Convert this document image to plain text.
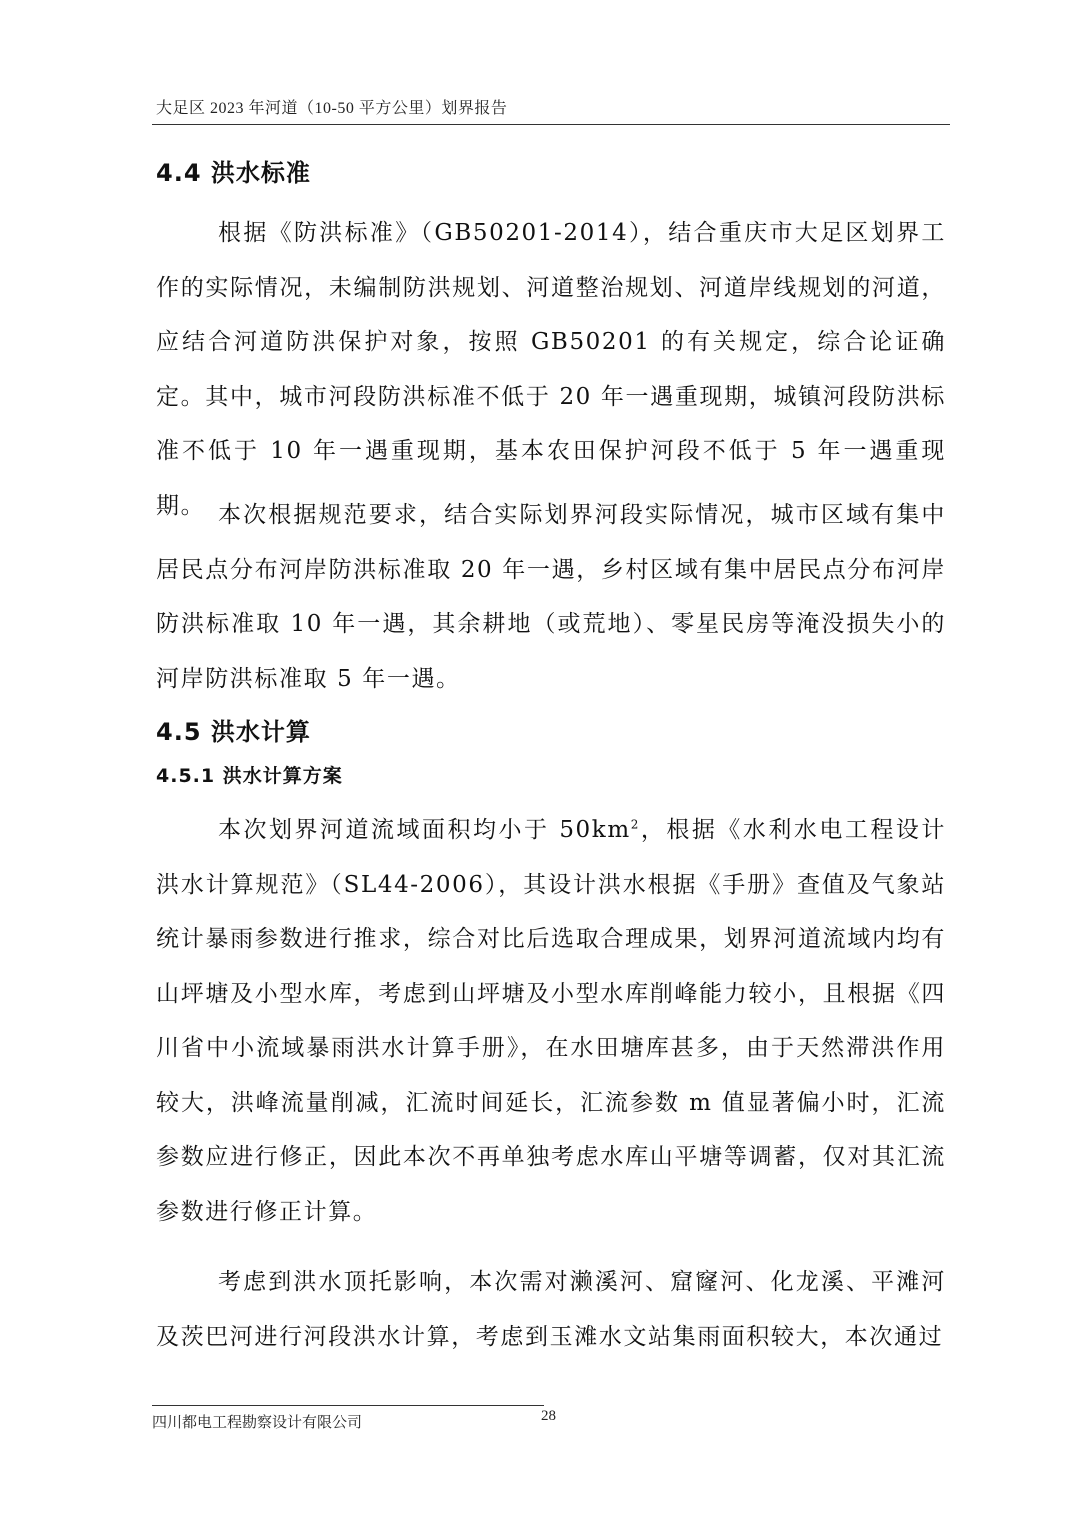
大足区 2023 年河道（10-50 平方公里）划界报告
4.4 洪水标准

根据《防洪标准》（GB50201-2014），结合重庆市大足区划界工作的实际情况，未编制防洪规划、河道整治规划、河道岸线规划的河道，应结合河道防洪保护对象，按照 GB50201 的有关规定，综合论证确定。其中，城市河段防洪标准不低于 20 年一遇重现期，城镇河段防洪标准不低于 10 年一遇重现期，基本农田保护河段不低于 5 年一遇重现期。 本次根据规范要求，结合实际划界河段实际情况，城市区域有集中居民点分布河岸防洪标准取 20 年一遇，乡村区域有集中居民点分布河岸防洪标准取 10 年一遇，其余耕地（或荒地）、零星民房等淹没损失小的河岸防洪标准取 5 年一遇。

4.5 洪水计算
4.5.1 洪水计算方案

本次划界河道流域面积均小于 $50km^2$，根据《水利水电工程设计洪水计算规范》（SL44-2006），其设计洪水根据《手册》查值及气象站统计暴雨参数进行推求，综合对比后选取合理成果，划界河道流域内均有山坪塘及小型水库，考虑到山坪塘及小型水库削峰能力较小，且根据《四川省中小流域暴雨洪水计算手册》，在水田塘库甚多，由于天然滞洪作用较大，洪峰流量削减，汇流时间延长，汇流参数 m 值显著偏小时，汇流参数应进行修正，因此本次不再单独考虑水库山平塘等调蓄，仅对其汇流参数进行修正计算。

考虑到洪水顶托影响，本次需对濑溪河、窟窿河、化龙溪、平滩河及茨巴河进行河段洪水计算，考虑到玉滩水文站集雨面积较大，本次通过

四川都电工程勘察设计有限公司	28
